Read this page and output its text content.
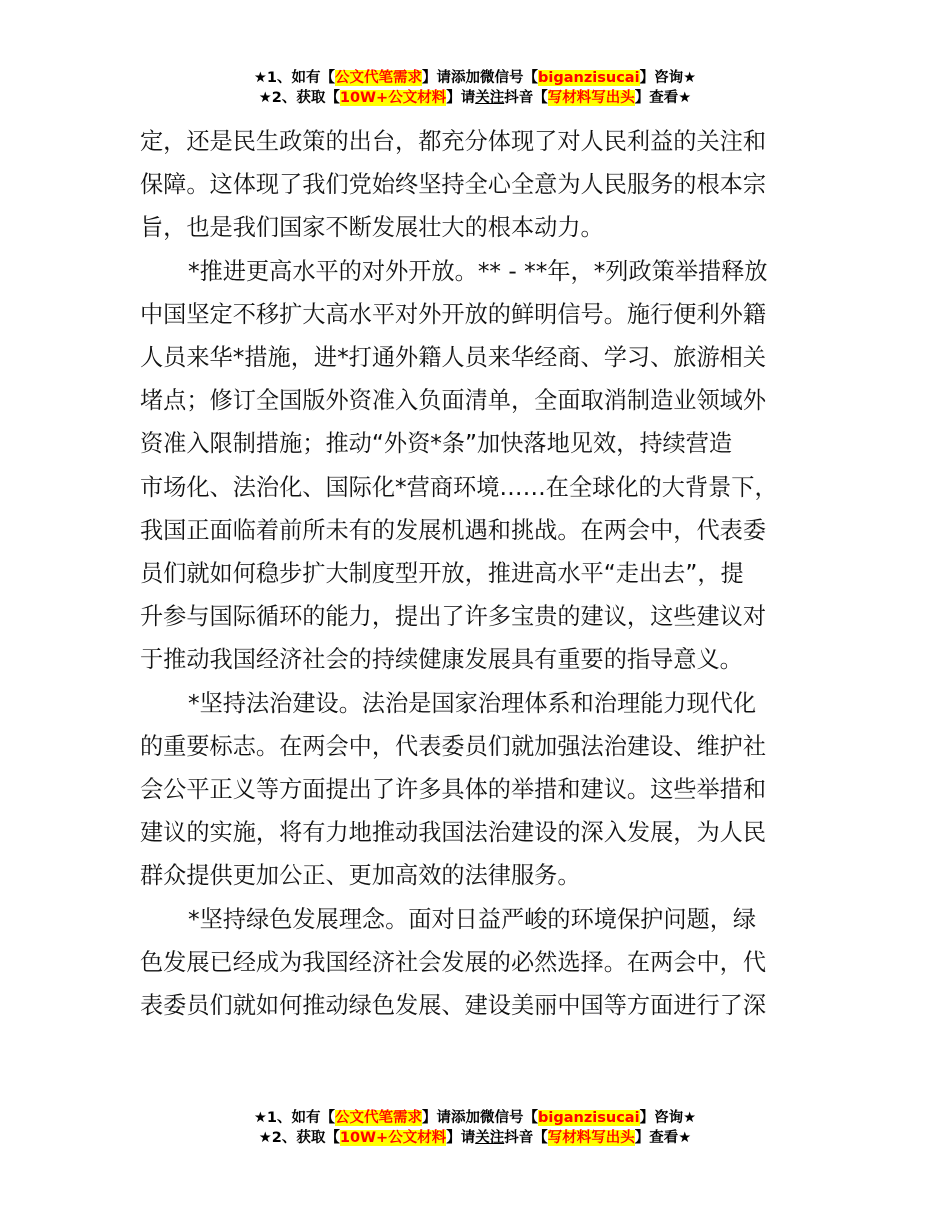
★1、如有【公文代笔需求】请添加微信号【biganzisucai】咨询★
★2、获取【10W+公文材料】请关注抖音【写材料写出头】查看★

定，还是民生政策的出台，都充分体现了对人民利益的关注和
保障。这体现了我们党始终坚持全心全意为人民服务的根本宗
旨，也是我们国家不断发展壮大的根本动力。

*推进更高水平的对外开放。** - **年，*列政策举措释放
中国坚定不移扩大高水平对外开放的鲜明信号。施行便利外籍
人员来华*措施，进*打通外籍人员来华经商、学习、旅游相关
堵点；修订全国版外资准入负面清单，全面取消制造业领域外
资准入限制措施；推动“外资*条”加快落地见效，持续营造
市场化、法治化、国际化*营商环境……在全球化的大背景下，
我国正面临着前所未有的发展机遇和挑战。在两会中，代表委
员们就如何稳步扩大制度型开放，推进高水平“走出去”，提
升参与国际循环的能力，提出了许多宝贵的建议，这些建议对
于推动我国经济社会的持续健康发展具有重要的指导意义。

*坚持法治建设。法治是国家治理体系和治理能力现代化
的重要标志。在两会中，代表委员们就加强法治建设、维护社
会公平正义等方面提出了许多具体的举措和建议。这些举措和
建议的实施，将有力地推动我国法治建设的深入发展，为人民
群众提供更加公正、更加高效的法律服务。

*坚持绿色发展理念。面对日益严峻的环境保护问题，绿
色发展已经成为我国经济社会发展的必然选择。在两会中，代
表委员们就如何推动绿色发展、建设美丽中国等方面进行了深

★1、如有【公文代笔需求】请添加微信号【biganzisucai】咨询★
★2、获取【10W+公文材料】请关注抖音【写材料写出头】查看★
